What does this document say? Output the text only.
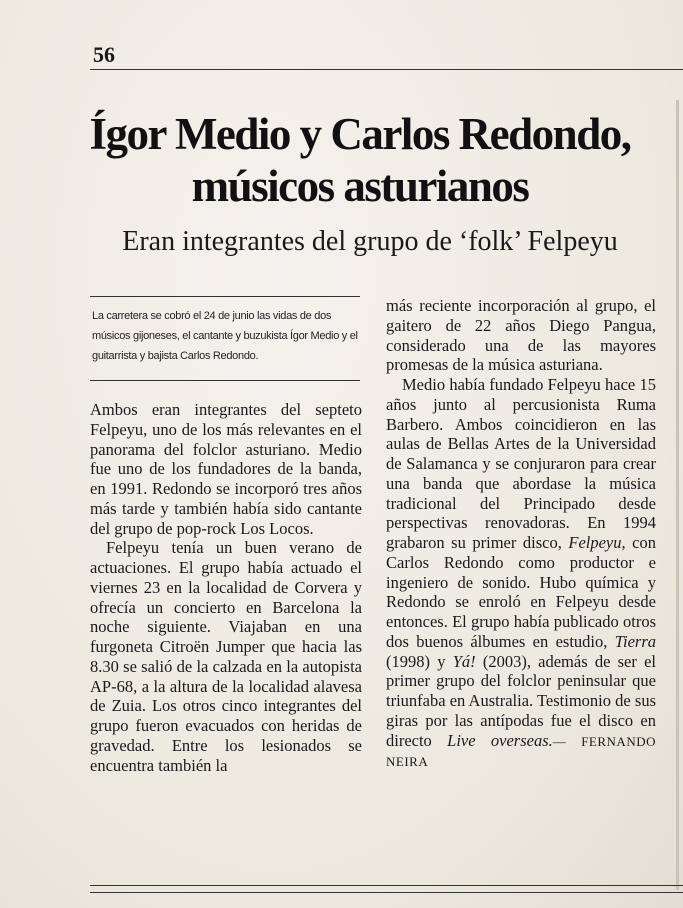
56

Ígor Medio y Carlos Redondo, músicos asturianos
Eran integrantes del grupo de ‘folk’ Felpeyu

La carretera se cobró el 24 de junio las vidas de dos músicos gijoneses, el cantante y buzukista Ígor Medio y el guitarrista y bajista Carlos Redondo.

Ambos eran integrantes del septeto Felpeyu, uno de los más relevantes en el panorama del folclor asturiano. Medio fue uno de los fundadores de la banda, en 1991. Redondo se incorporó tres años más tarde y también había sido cantante del grupo de pop-rock Los Locos.

Felpeyu tenía un buen verano de actuaciones. El grupo había actuado el viernes 23 en la localidad de Corvera y ofrecía un concierto en Barcelona la noche siguiente. Viajaban en una furgoneta Citroën Jumper que hacia las 8.30 se salió de la calzada en la autopista AP-68, a la altura de la localidad alavesa de Zuia. Los otros cinco integrantes del grupo fueron evacuados con heridas de gravedad. Entre los lesionados se encuentra también la

más reciente incorporación al grupo, el gaitero de 22 años Diego Pangua, considerado una de las mayores promesas de la música asturiana.

Medio había fundado Felpeyu hace 15 años junto al percusionista Ruma Barbero. Ambos coincidieron en las aulas de Bellas Artes de la Universidad de Salamanca y se conjuraron para crear una banda que abordase la música tradicional del Principado desde perspectivas renovadoras. En 1994 grabaron su primer disco, Felpeyu, con Carlos Redondo como productor e ingeniero de sonido. Hubo química y Redondo se enroló en Felpeyu desde entonces. El grupo había publicado otros dos buenos álbumes en estudio, Tierra (1998) y Yá! (2003), además de ser el primer grupo del folclor peninsular que triunfaba en Australia. Testimonio de sus giras por las antípodas fue el disco en directo Live overseas.— FERNANDO NEIRA
